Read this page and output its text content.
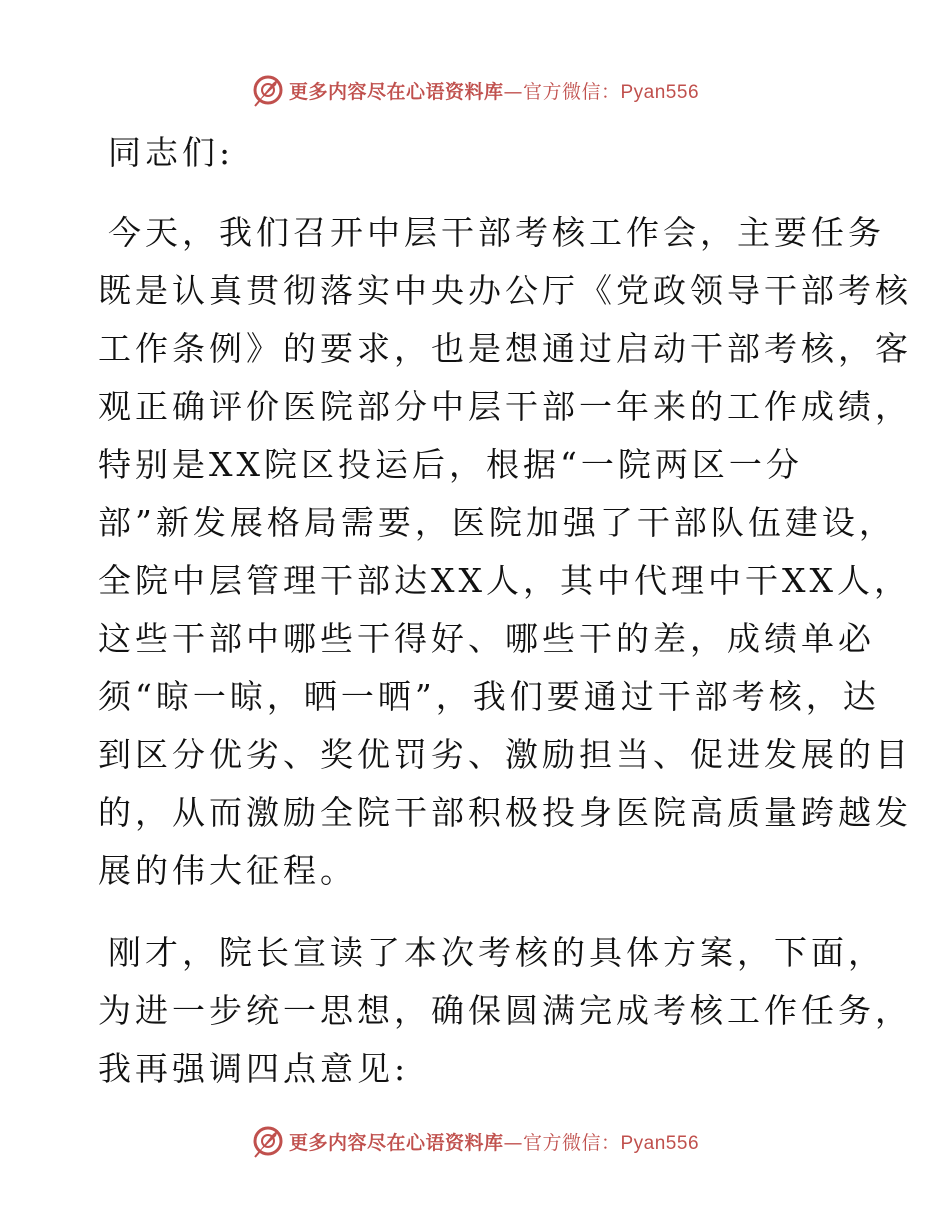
更多内容尽在心语资料库—官方微信：Pyan556
同志们:
今天，我们召开中层干部考核工作会，主要任务
既是认真贯彻落实中央办公厅《党政领导干部考核
工作条例》的要求，也是想通过启动干部考核，客
观正确评价医院部分中层干部一年来的工作成绩，
特别是XX院区投运后，根据“一院两区一分
部”新发展格局需要，医院加强了干部队伍建设，
全院中层管理干部达XX人，其中代理中干XX人，
这些干部中哪些干得好、哪些干的差，成绩单必
须“晾一晾，晒一晒”，我们要通过干部考核，达
到区分优劣、奖优罚劣、激励担当、促进发展的目
的，从而激励全院干部积极投身医院高质量跨越发
展的伟大征程。
刚才，院长宣读了本次考核的具体方案，下面，
为进一步统一思想，确保圆满完成考核工作任务，
我再强调四点意见:
更多内容尽在心语资料库—官方微信：Pyan556
